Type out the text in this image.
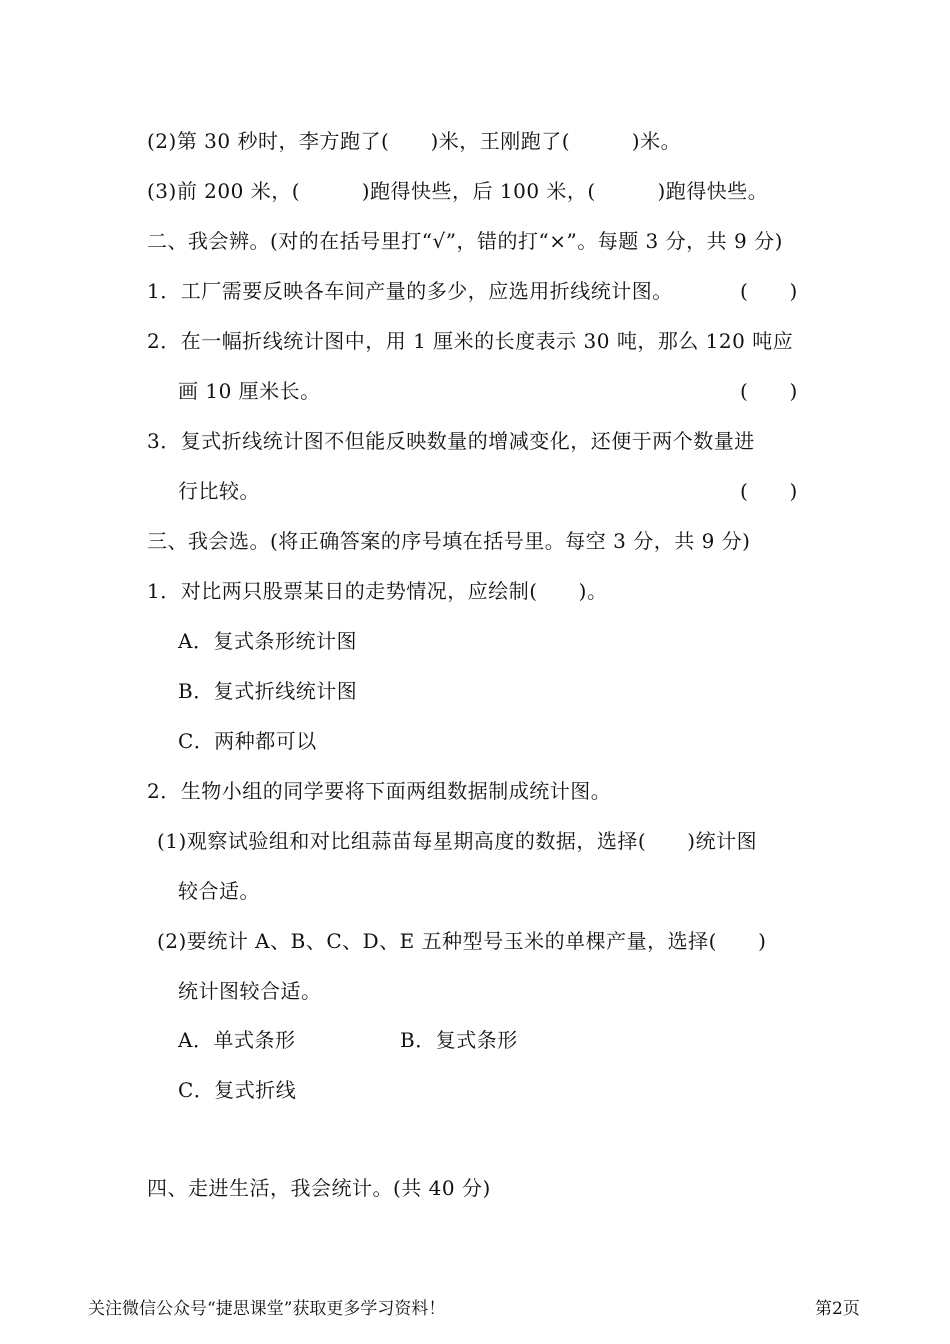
(2)第 30 秒时，李方跑了(      )米，王刚跑了(         )米。
(3)前 200 米，(         )跑得快些，后 100 米，(         )跑得快些。
二、我会辨。(对的在括号里打“√”，错的打“×”。每题 3 分，共 9 分)
1．工厂需要反映各车间产量的多少，应选用折线统计图。	(      )
2．在一幅折线统计图中，用 1 厘米的长度表示 30 吨，那么 120 吨应
画 10 厘米长。	(      )
3．复式折线统计图不但能反映数量的增减变化，还便于两个数量进
行比较。	(      )
三、我会选。(将正确答案的序号填在括号里。每空 3 分，共 9 分)
1．对比两只股票某日的走势情况，应绘制(      )。
A．复式条形统计图
B．复式折线统计图
C．两种都可以
2．生物小组的同学要将下面两组数据制成统计图。
(1)观察试验组和对比组蒜苗每星期高度的数据，选择(      )统计图
较合适。
(2)要统计 A、B、C、D、E 五种型号玉米的单棵产量，选择(      )
统计图较合适。
A．单式条形	B．复式条形
C．复式折线
四、走进生活，我会统计。(共 40 分)
关注微信公众号“捷思课堂”获取更多学习资料！	第2页
